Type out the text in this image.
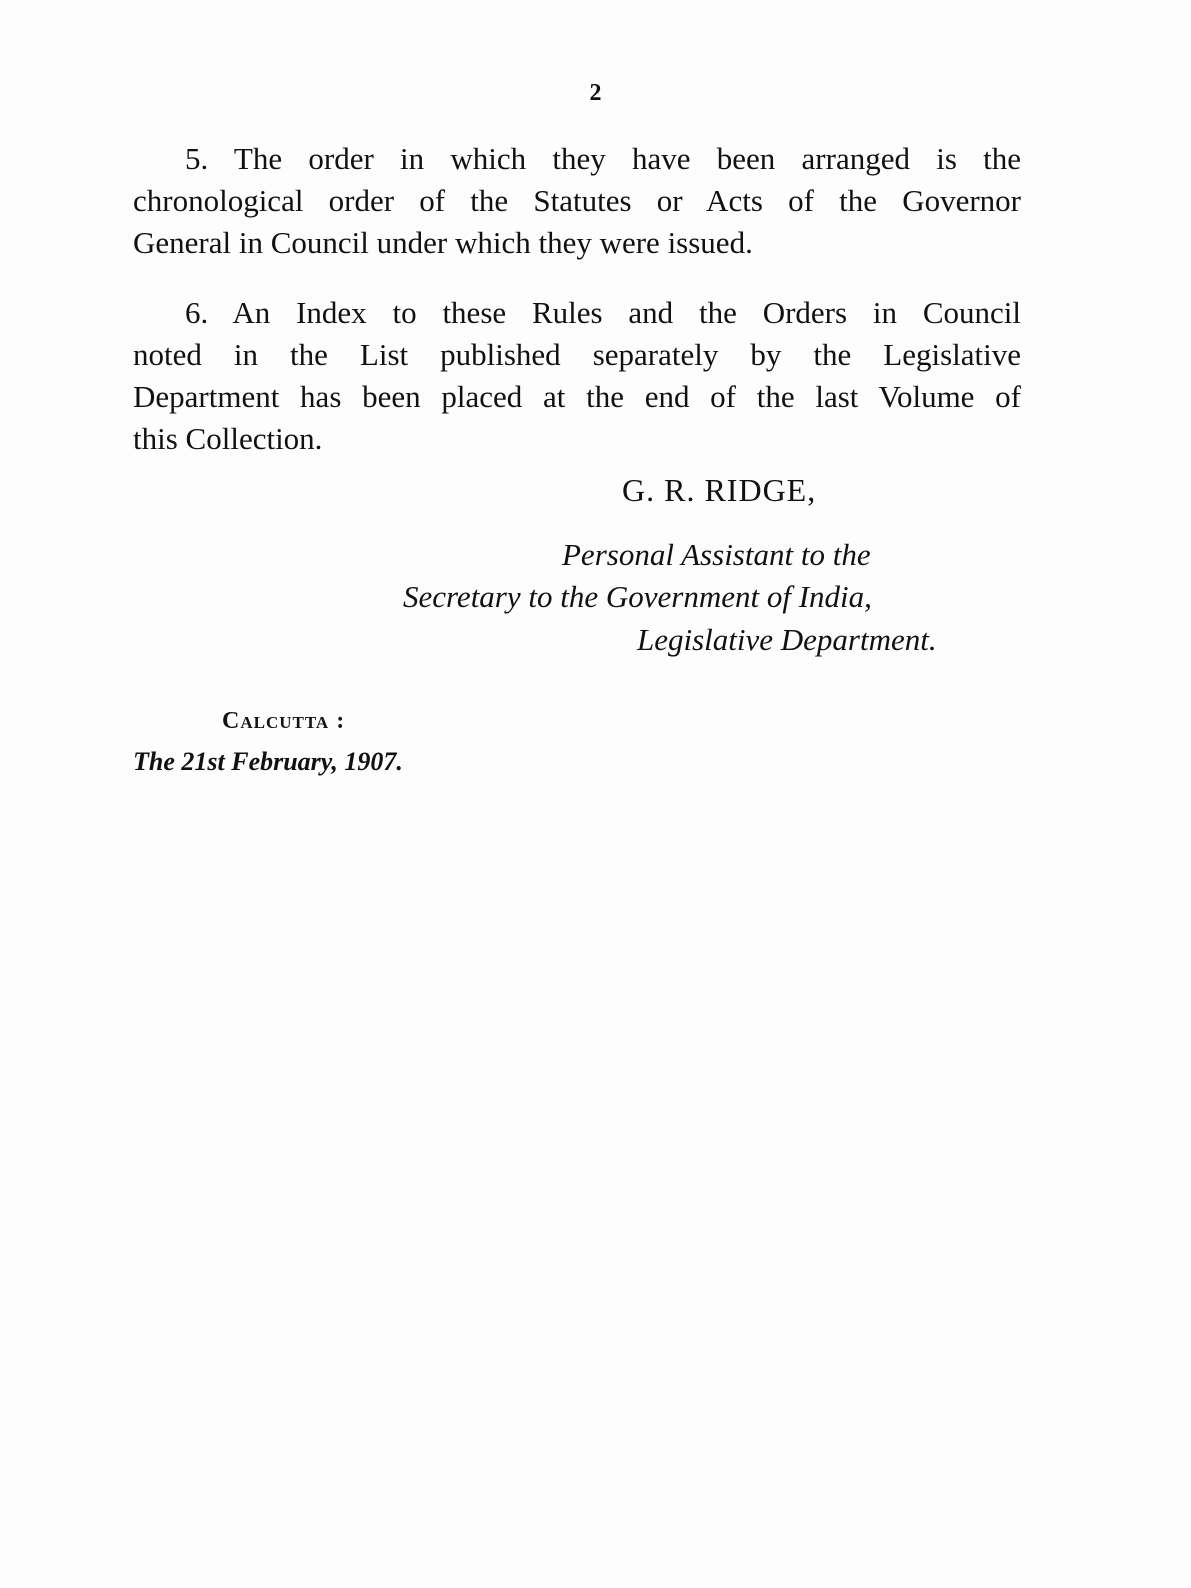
2
5. The order in which they have been arranged is the
chronological order of the Statutes or Acts of the Governor
General in Council under which they were issued.
6. An Index to these Rules and the Orders in Council
noted in the List published separately by the Legislative
Department has been placed at the end of the last Volume of
this Collection.
G. R. RIDGE,
Personal Assistant to the
Secretary to the Government of India,
Legislative Department.
Calcutta :
The 21st February, 1907.
